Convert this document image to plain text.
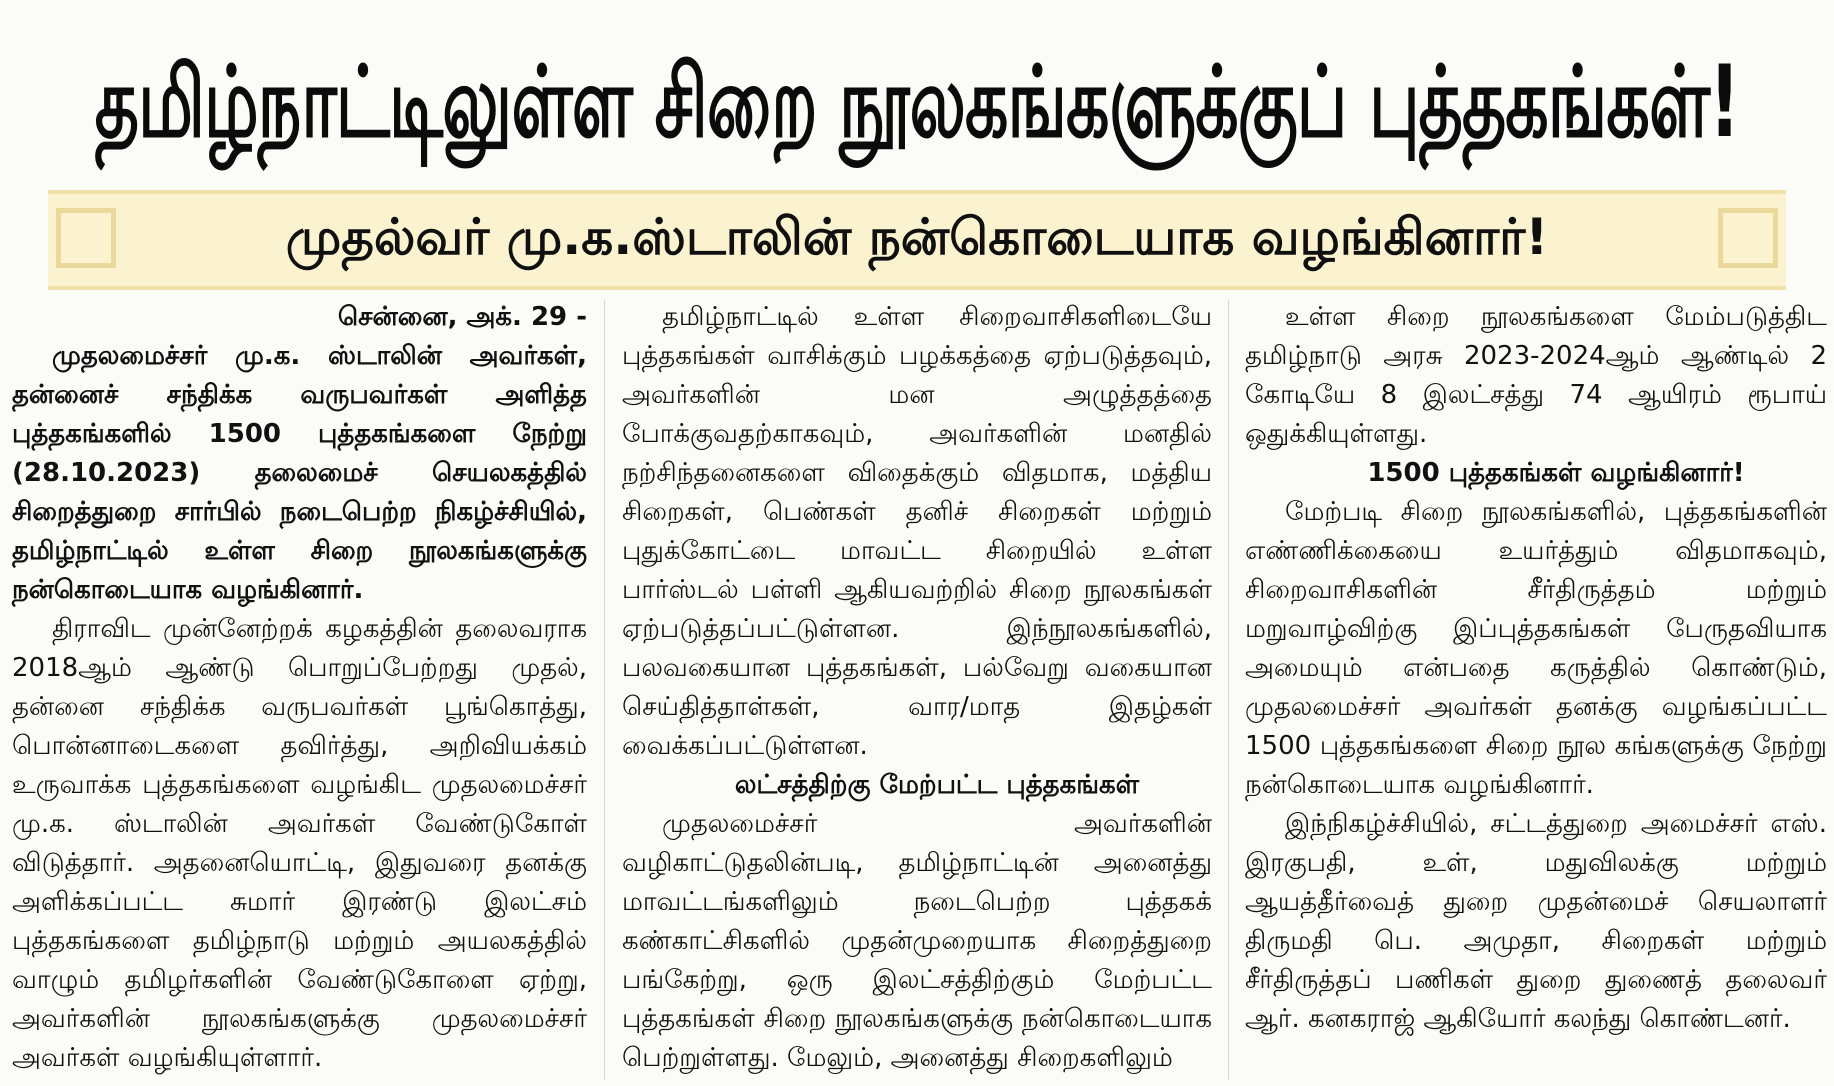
தமிழ்நாட்டிலுள்ள சிறை நூலகங்களுக்குப் புத்தகங்கள்!
முதல்வர் மு.க.ஸ்டாலின் நன்கொடையாக வழங்கினார்!

சென்னை, அக். 29 -

முதலமைச்சர் மு.க. ஸ்டாலின் அவர்கள், தன்னைச் சந்திக்க வருபவர்கள் அளித்த புத்தகங்களில் 1500 புத்தகங்களை நேற்று (28.10.2023) தலைமைச் செயலகத்தில் சிறைத்துறை சார்பில் நடைபெற்ற நிகழ்ச்சியில், தமிழ்நாட்டில் உள்ள சிறை நூலகங்களுக்கு நன்கொடையாக வழங்கினார்.

திராவிட முன்னேற்றக் கழகத்தின் தலைவராக 2018ஆம் ஆண்டு பொறுப்பேற்றது முதல், தன்னை சந்திக்க வருபவர்கள் பூங்கொத்து, பொன்னாடைகளை தவிர்த்து, அறிவியக்கம் உருவாக்க புத்தகங்களை வழங்கிட முதலமைச்சர் மு.க. ஸ்டாலின் அவர்கள் வேண்டுகோள் விடுத்தார். அதனையொட்டி, இதுவரை தனக்கு அளிக்கப்பட்ட சுமார் இரண்டு இலட்சம் புத்தகங்களை தமிழ்நாடு மற்றும் அயலகத்தில் வாழும் தமிழர்களின் வேண்டுகோளை ஏற்று, அவர்களின் நூலகங்களுக்கு முதலமைச்சர் அவர்கள் வழங்கியுள்ளார்.

தமிழ்நாட்டில் உள்ள சிறைவாசிகளிடையே புத்தகங்கள் வாசிக்கும் பழக்கத்தை ஏற்படுத்தவும், அவர்களின் மன அழுத்தத்தை போக்குவதற்காகவும், அவர்களின் மனதில் நற்சிந்தனைகளை விதைக்கும் விதமாக, மத்திய சிறைகள், பெண்கள் தனிச் சிறைகள் மற்றும் புதுக்கோட்டை மாவட்ட சிறையில் உள்ள பார்ஸ்டல் பள்ளி ஆகியவற்றில் சிறை நூலகங்கள் ஏற்படுத்தப்பட்டுள்ளன. இந்நூலகங்களில், பலவகையான புத்தகங்கள், பல்வேறு வகையான செய்தித்தாள்கள், வார/மாத இதழ்கள் வைக்கப்பட்டுள்ளன.

லட்சத்திற்கு மேற்பட்ட புத்தகங்கள்

முதலமைச்சர் அவர்களின் வழிகாட்டுதலின்படி, தமிழ்நாட்டின் அனைத்து மாவட்டங்களிலும் நடைபெற்ற புத்தகக் கண்காட்சிகளில் முதன்முறையாக சிறைத்துறை பங்கேற்று, ஒரு இலட்சத்திற்கும் மேற்பட்ட புத்தகங்கள் சிறை நூலகங்களுக்கு நன்கொடையாக பெற்றுள்ளது. மேலும், அனைத்து சிறைகளிலும்

உள்ள சிறை நூலகங்களை மேம்படுத்திட தமிழ்நாடு அரசு 2023-2024ஆம் ஆண்டில் 2 கோடியே 8 இலட்சத்து 74 ஆயிரம் ரூபாய் ஒதுக்கியுள்ளது.

1500 புத்தகங்கள் வழங்கினார்!

மேற்படி சிறை நூலகங்களில், புத்தகங்களின் எண்ணிக்கையை உயர்த்தும் விதமாகவும், சிறைவாசிகளின் சீர்திருத்தம் மற்றும் மறுவாழ்விற்கு இப்புத்தகங்கள் பேருதவியாக அமையும் என்பதை கருத்தில் கொண்டும், முதலமைச்சர் அவர்கள் தனக்கு வழங்கப்பட்ட 1500 புத்தகங்களை சிறை நூல கங்களுக்கு நேற்று நன்கொடையாக வழங்கினார்.

இந்நிகழ்ச்சியில், சட்டத்துறை அமைச்சர் எஸ். இரகுபதி, உள், மதுவிலக்கு மற்றும் ஆயத்தீர்வைத் துறை முதன்மைச் செயலாளர் திருமதி பெ. அமுதா, சிறைகள் மற்றும் சீர்திருத்தப் பணிகள் துறை துணைத் தலைவர் ஆர். கனகராஜ் ஆகியோர் கலந்து கொண்டனர்.
